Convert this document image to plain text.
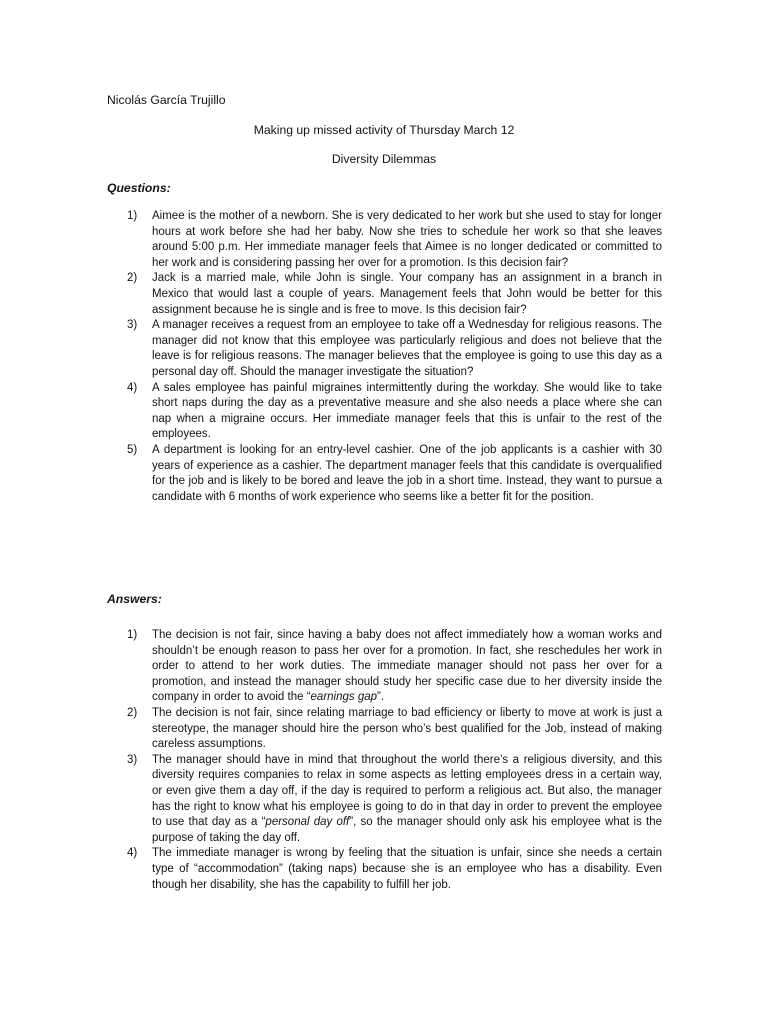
Nicolás García Trujillo
Making up missed activity of Thursday March 12
Diversity Dilemmas
Questions:
1) Aimee is the mother of a newborn. She is very dedicated to her work but she used to stay for longer hours at work before she had her baby. Now she tries to schedule her work so that she leaves around 5:00 p.m. Her immediate manager feels that Aimee is no longer dedicated or committed to her work and is considering passing her over for a promotion. Is this decision fair?
2) Jack is a married male, while John is single. Your company has an assignment in a branch in Mexico that would last a couple of years. Management feels that John would be better for this assignment because he is single and is free to move. Is this decision fair?
3) A manager receives a request from an employee to take off a Wednesday for religious reasons. The manager did not know that this employee was particularly religious and does not believe that the leave is for religious reasons. The manager believes that the employee is going to use this day as a personal day off. Should the manager investigate the situation?
4) A sales employee has painful migraines intermittently during the workday. She would like to take short naps during the day as a preventative measure and she also needs a place where she can nap when a migraine occurs. Her immediate manager feels that this is unfair to the rest of the employees.
5) A department is looking for an entry-level cashier. One of the job applicants is a cashier with 30 years of experience as a cashier. The department manager feels that this candidate is overqualified for the job and is likely to be bored and leave the job in a short time. Instead, they want to pursue a candidate with 6 months of work experience who seems like a better fit for the position.
Answers:
1) The decision is not fair, since having a baby does not affect immediately how a woman works and shouldn’t be enough reason to pass her over for a promotion. In fact, she reschedules her work in order to attend to her work duties. The immediate manager should not pass her over for a promotion, and instead the manager should study her specific case due to her diversity inside the company in order to avoid the “earnings gap”.
2) The decision is not fair, since relating marriage to bad efficiency or liberty to move at work is just a stereotype, the manager should hire the person who’s best qualified for the Job, instead of making careless assumptions.
3) The manager should have in mind that throughout the world there’s a religious diversity, and this diversity requires companies to relax in some aspects as letting employees dress in a certain way, or even give them a day off, if the day is required to perform a religious act. But also, the manager has the right to know what his employee is going to do in that day in order to prevent the employee to use that day as a “personal day off”, so the manager should only ask his employee what is the purpose of taking the day off.
4) The immediate manager is wrong by feeling that the situation is unfair, since she needs a certain type of “accommodation” (taking naps) because she is an employee who has a disability. Even though her disability, she has the capability to fulfill her job.
